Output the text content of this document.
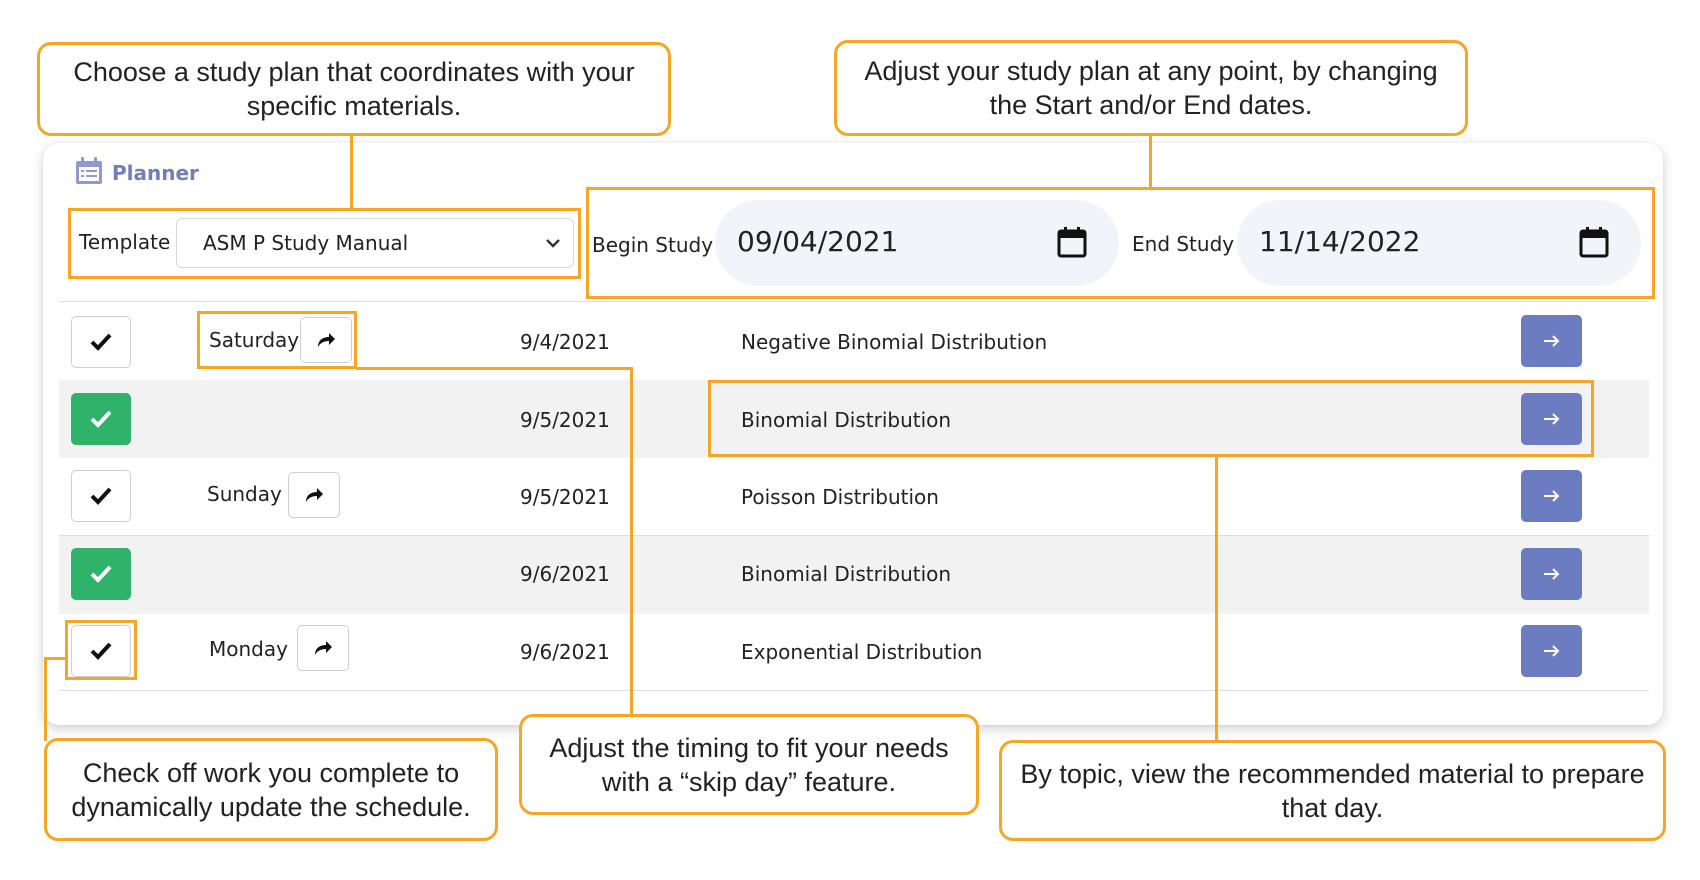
Planner
Template ASM P Study Manual	Begin Study 09/04/2021	End Study 11/14/2022
Saturday	9/4/2021	Negative Binomial Distribution
9/5/2021	Binomial Distribution
Sunday	9/5/2021	Poisson Distribution
9/6/2021	Binomial Distribution
Monday	9/6/2021	Exponential Distribution
Choose a study plan that coordinates with your specific materials.
Adjust your study plan at any point, by changing the Start and/or End dates.
Check off work you complete to dynamically update the schedule.
Adjust the timing to fit your needs with a “skip day” feature.	By topic, view the recommended material to prepare that day.
